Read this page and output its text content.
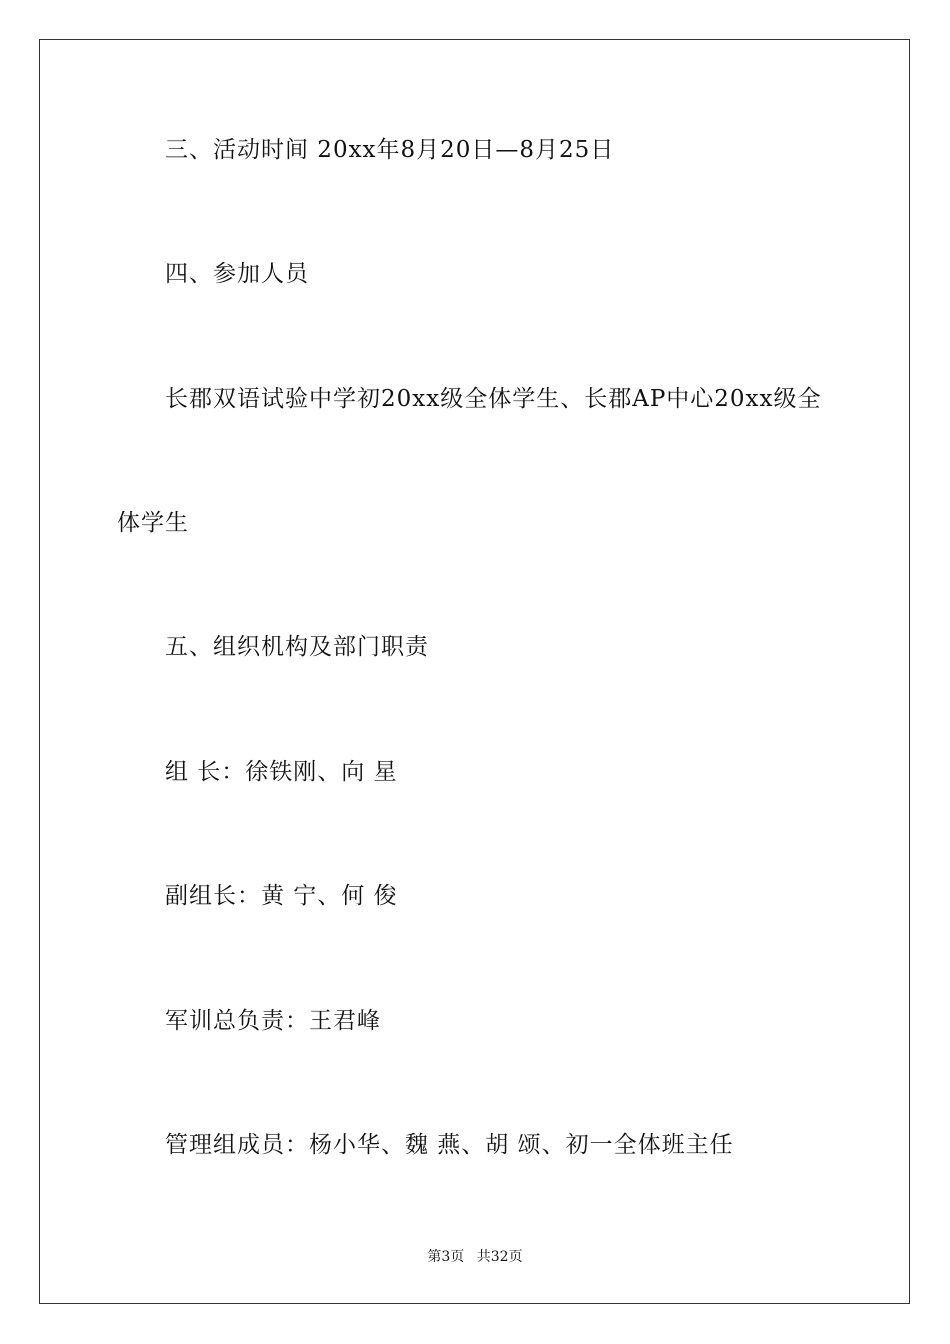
三、活动时间 20xx年8月20日—8月25日
四、参加人员
长郡双语试验中学初20xx级全体学生、长郡AP中心20xx级全
体学生
五、组织机构及部门职责
组 长：徐铁刚、向 星
副组长：黄 宁、何 俊
军训总负责：王君峰
管理组成员：杨小华、魏 燕、胡 颂、初一全体班主任
第3页 共32页
